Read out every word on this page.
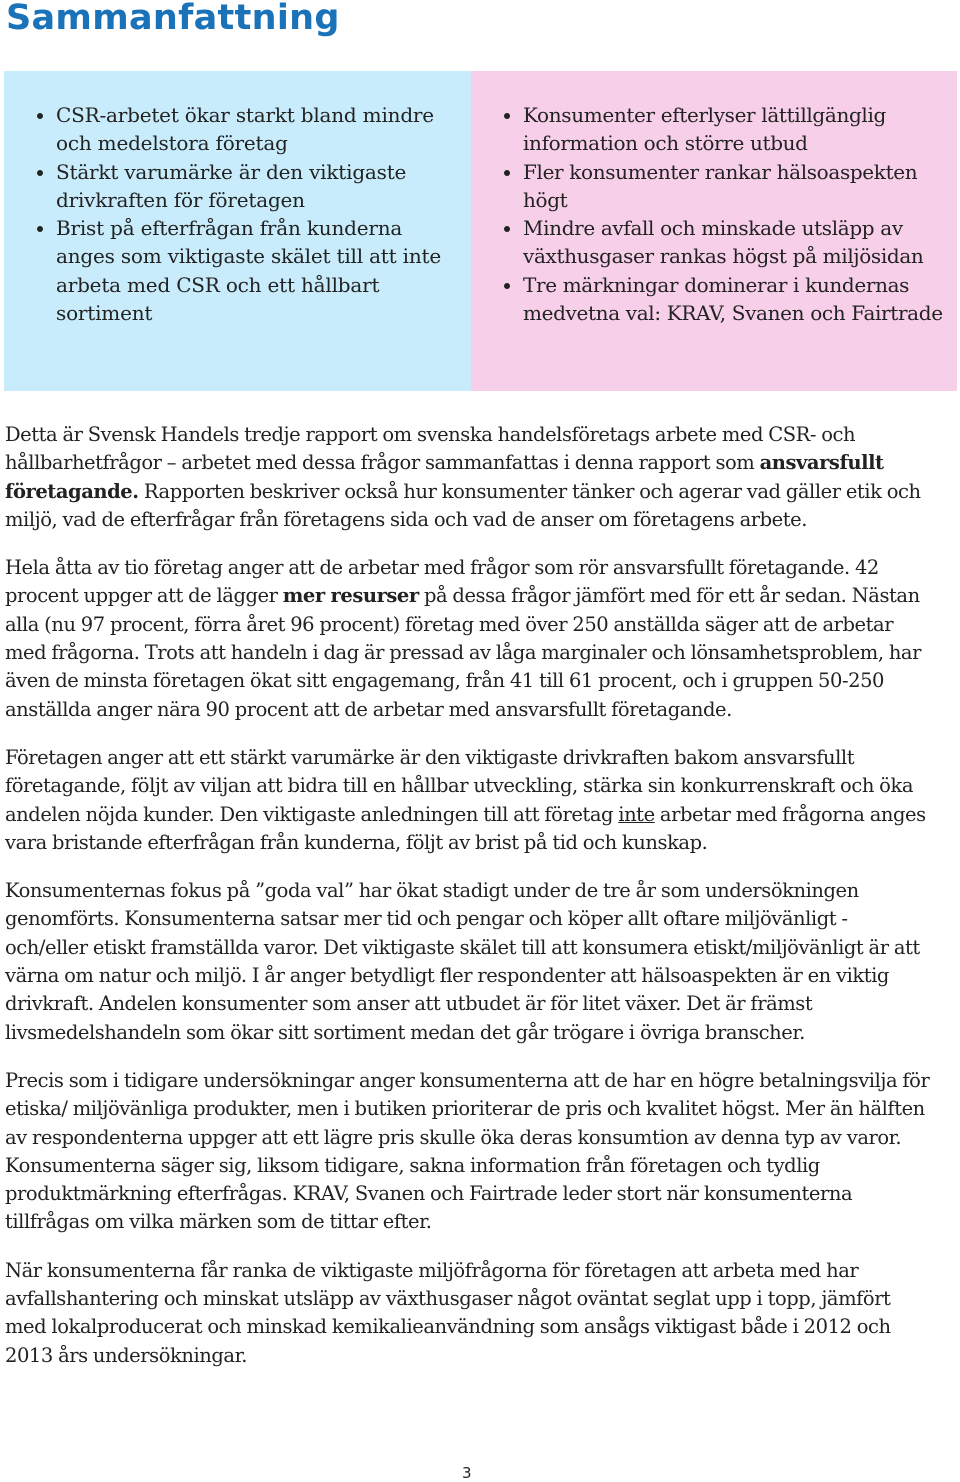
Sammanfattning
• CSR-arbetet ökar starkt bland mindre och medelstora företag
• Stärkt varumärke är den viktigaste drivkraften för företagen
• Brist på efterfrågan från kunderna anges som viktigaste skälet till att inte arbeta med CSR och ett hållbart sortiment
• Konsumenter efterlyser lättillgänglig information och större utbud
• Fler konsumenter rankar hälsoaspekten högt
• Mindre avfall och minskade utsläpp av växthusgaser rankas högst på miljösidan
• Tre märkningar dominerar i kundernas medvetna val: KRAV, Svanen och Fairtrade

Detta är Svensk Handels tredje rapport om svenska handelsföretags arbete med CSR- och hållbarhetfrågor – arbetet med dessa frågor sammanfattas i denna rapport som ansvarsfullt företagande. Rapporten beskriver också hur konsumenter tänker och agerar vad gäller etik och miljö, vad de efterfrågar från företagens sida och vad de anser om företagens arbete.

Hela åtta av tio företag anger att de arbetar med frågor som rör ansvarsfullt företagande. 42 procent uppger att de lägger mer resurser på dessa frågor jämfört med för ett år sedan. Nästan alla (nu 97 procent, förra året 96 procent) företag med över 250 anställda säger att de arbetar med frågorna. Trots att handeln i dag är pressad av låga marginaler och lönsamhetsproblem, har även de minsta företagen ökat sitt engagemang, från 41 till 61 procent, och i gruppen 50-250 anställda anger nära 90 procent att de arbetar med ansvarsfullt företagande.

Företagen anger att ett stärkt varumärke är den viktigaste drivkraften bakom ansvarsfullt företagande, följt av viljan att bidra till en hållbar utveckling, stärka sin konkurrenskraft och öka andelen nöjda kunder. Den viktigaste anledningen till att företag inte arbetar med frågorna anges vara bristande efterfrågan från kunderna, följt av brist på tid och kunskap.

Konsumenternas fokus på ”goda val” har ökat stadigt under de tre år som undersökningen genomförts. Konsumenterna satsar mer tid och pengar och köper allt oftare miljövänligt - och/eller etiskt framställda varor. Det viktigaste skälet till att konsumera etiskt/miljövänligt är att värna om natur och miljö. I år anger betydligt fler respondenter att hälsoaspekten är en viktig drivkraft. Andelen konsumenter som anser att utbudet är för litet växer. Det är främst livsmedelshandeln som ökar sitt sortiment medan det går trögare i övriga branscher.

Precis som i tidigare undersökningar anger konsumenterna att de har en högre betalningsvilja för etiska/ miljövänliga produkter, men i butiken prioriterar de pris och kvalitet högst. Mer än hälften av respondenterna uppger att ett lägre pris skulle öka deras konsumtion av denna typ av varor. Konsumenterna säger sig, liksom tidigare, sakna information från företagen och tydlig produktmärkning efterfrågas. KRAV, Svanen och Fairtrade leder stort när konsumenterna tillfrågas om vilka märken som de tittar efter.

När konsumenterna får ranka de viktigaste miljöfrågorna för företagen att arbeta med har avfallshantering och minskat utsläpp av växthusgaser något oväntat seglat upp i topp, jämfört med lokalproducerat och minskad kemikalieanvändning som ansågs viktigast både i 2012 och 2013 års undersökningar.

3
